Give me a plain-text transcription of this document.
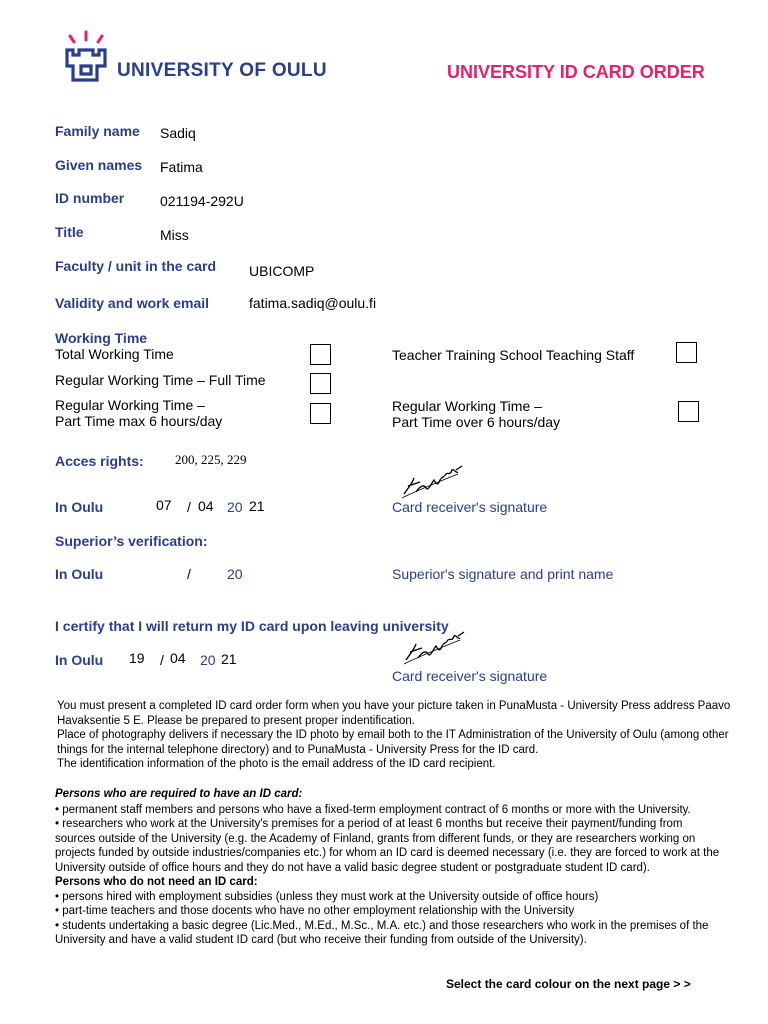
UNIVERSITY OF OULU	UNIVERSITY ID CARD ORDER
Family name Sadiq
Given names Fatima
ID number	021194-292U
Title	Miss
Faculty / unit in the card UBICOMP
Validity and work email	fatima.sadiq@oulu.fi
Working Time
Total Working Time	Teacher Training School Teaching Staff
Regular Working Time – Full Time
Regular Working Time –
Part Time max 6 hours/day
Regular Working Time –
Part Time over 6 hours/day
Acces rights: 200, 225, 229
In Oulu	07 / 04 20 21	Card receiver's signature
Superior’s verification:
In Oulu	/	20	Superior's signature and print name
I certify that I will return my ID card upon leaving university
In Oulu 19 / 04 20 21
Card receiver's signature
You must present a completed ID card order form when you have your picture taken in PunaMusta - University Press address Paavo Havaksentie 5 E. Please be prepared to present proper indentification.
Place of photography delivers if necessary the ID photo by email both to the IT Administration of the University of Oulu (among other things for the internal telephone directory) and to PunaMusta - University Press for the ID card.
The identification information of the photo is the email address of the ID card recipient.
Persons who are required to have an ID card:
• permanent staff members and persons who have a fixed-term employment contract of 6 months or more with the University.
• researchers who work at the University's premises for a period of at least 6 months but receive their payment/funding from sources outside of the University (e.g. the Academy of Finland, grants from different funds, or they are researchers working on projects funded by outside industries/companies etc.) for whom an ID card is deemed necessary (i.e. they are forced to work at the University outside of office hours and they do not have a valid basic degree student or postgraduate student ID card).
Persons who do not need an ID card:
• persons hired with employment subsidies (unless they must work at the University outside of office hours)
• part-time teachers and those docents who have no other employment relationship with the University
• students undertaking a basic degree (Lic.Med., M.Ed., M.Sc., M.A. etc.) and those researchers who work in the premises of the University and have a valid student ID card (but who receive their funding from outside of the University).
Select the card colour on the next page > >
